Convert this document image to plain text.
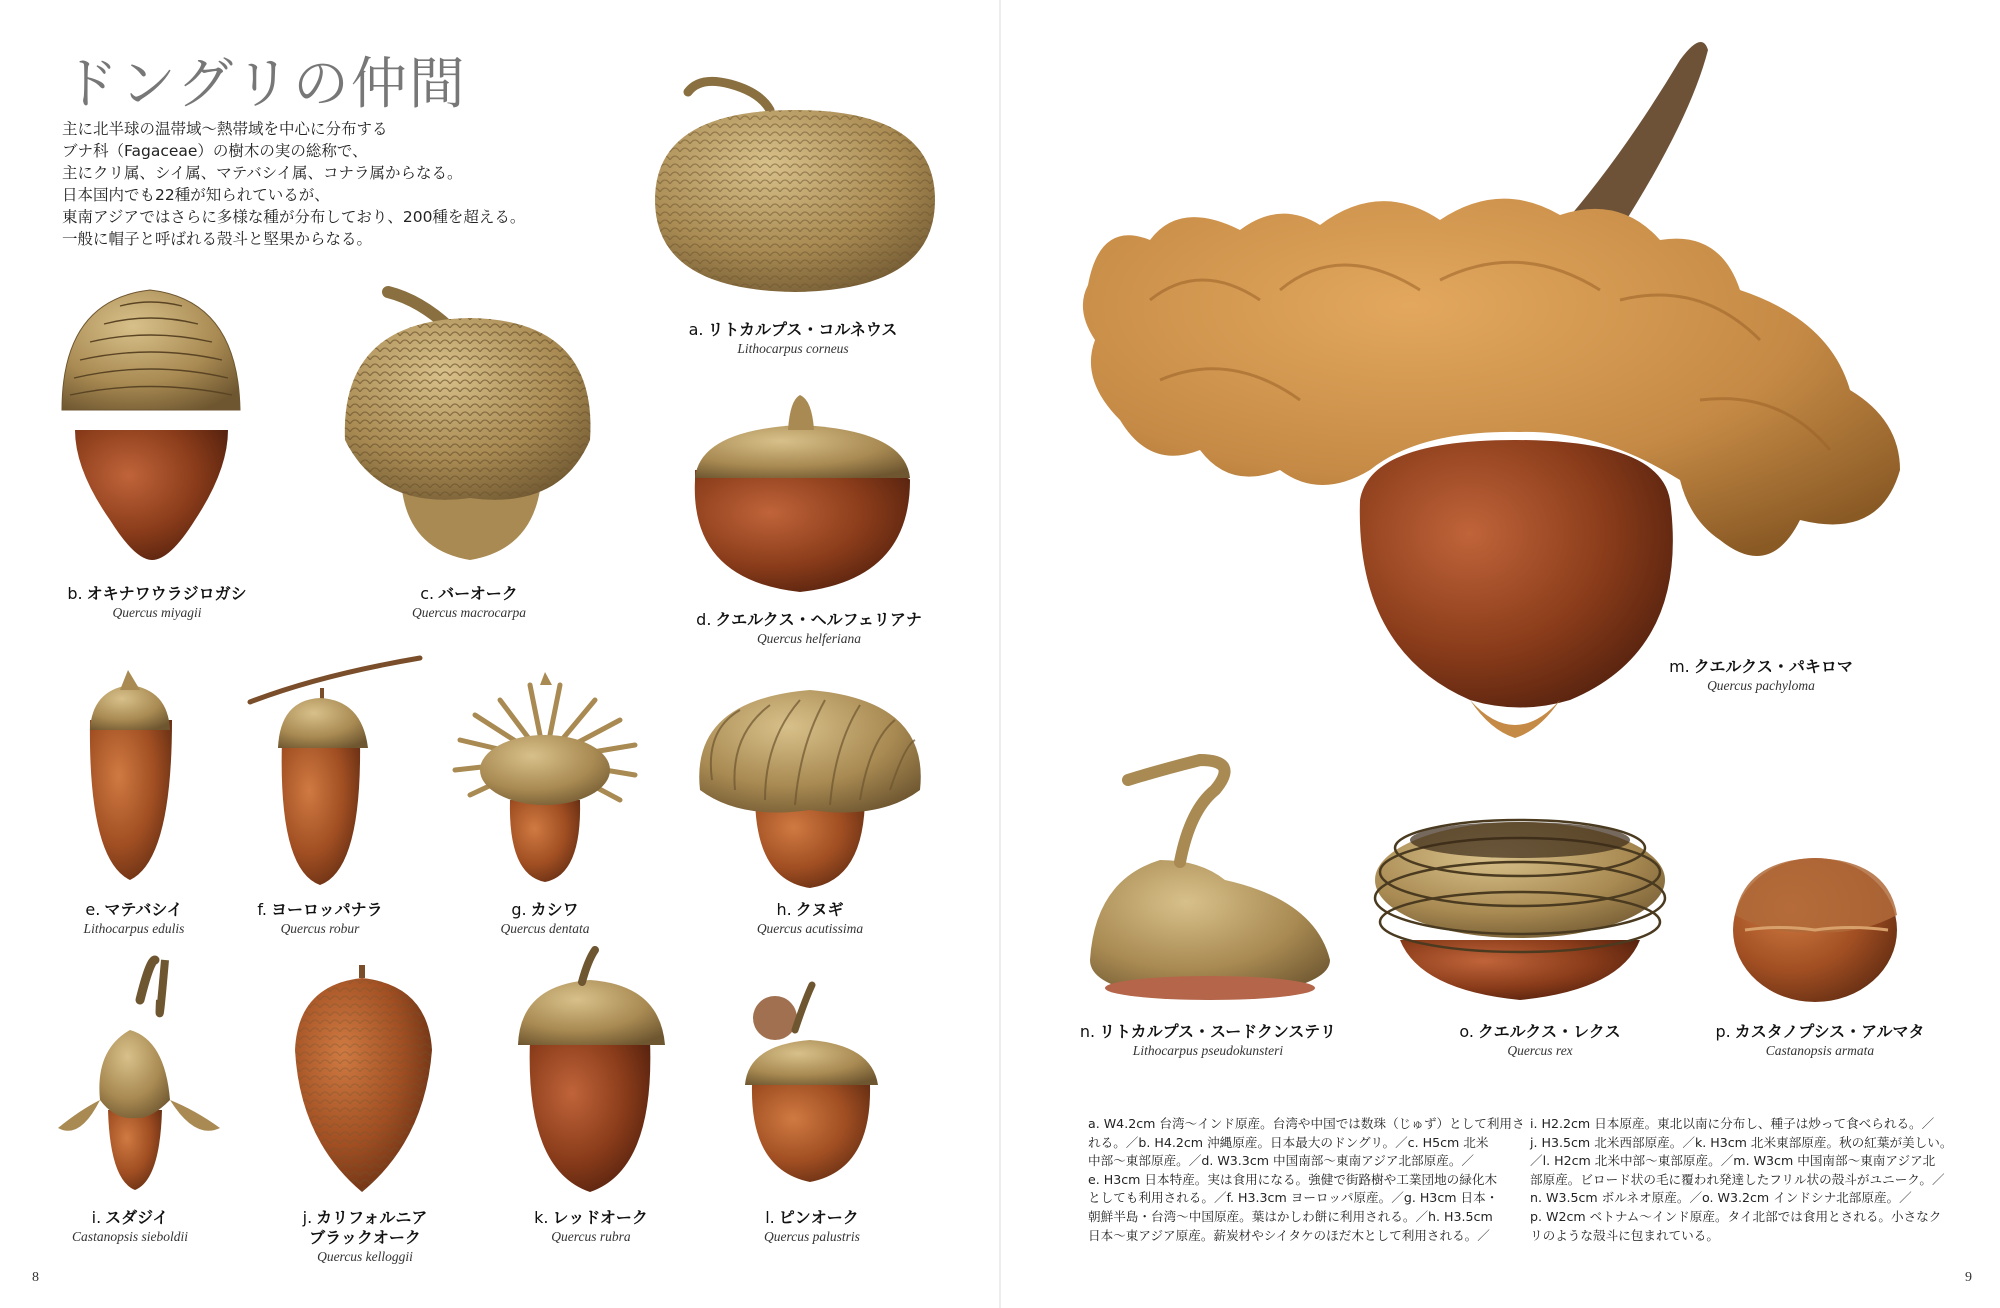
ドングリの仲間

主に北半球の温帯域〜熱帯域を中心に分布する

ブナ科（Fagaceae）の樹木の実の総称で、

主にクリ属、シイ属、マテバシイ属、コナラ属からなる。

日本国内でも22種が知られているが、

東南アジアではさらに多様な種が分布しており、200種を超える。

一般に帽子と呼ばれる殻斗と堅果からなる。

a. リトカルプス・コルネウス
Lithocarpus corneus
b. オキナワウラジロガシ
Quercus miyagii
c. バーオーク
Quercus macrocarpa	d. クエルクス・ヘルフェリアナ
Quercus helferiana
e. マテバシイ
Lithocarpus edulis
f. ヨーロッパナラ
Quercus robur
g. カシワ
Quercus dentata
h. クヌギ
Quercus acutissima
i. スダジイ
Castanopsis sieboldii
j. カリフォルニア
ブラックオーク
Quercus kelloggii
k. レッドオーク
Quercus rubra
l. ピンオーク
Quercus palustris
m. クエルクス・パキロマ
Quercus pachyloma
n. リトカルプス・スードクンステリ
Lithocarpus pseudokunsteri
o. クエルクス・レクス
Quercus rex
p. カスタノプシス・アルマタ
Castanopsis armata

a. W4.2cm 台湾〜インド原産。台湾や中国では数珠（じゅず）として利用さ

れる。／b. H4.2cm 沖縄原産。日本最大のドングリ。／c. H5cm 北米

中部〜東部原産。／d. W3.3cm 中国南部〜東南アジア北部原産。／

e. H3cm 日本特産。実は食用になる。強健で街路樹や工業団地の緑化木

としても利用される。／f. H3.3cm ヨーロッパ原産。／g. H3cm 日本・

朝鮮半島・台湾〜中国原産。葉はかしわ餅に利用される。／h. H3.5cm

日本〜東アジア原産。薪炭材やシイタケのほだ木として利用される。／

i. H2.2cm 日本原産。東北以南に分布し、種子は炒って食べられる。／

j. H3.5cm 北米西部原産。／k. H3cm 北米東部原産。秋の紅葉が美しい。

／l. H2cm 北米中部〜東部原産。／m. W3cm 中国南部〜東南アジア北

部原産。ビロード状の毛に覆われ発達したフリル状の殻斗がユニーク。／

n. W3.5cm ボルネオ原産。／o. W3.2cm インドシナ北部原産。／

p. W2cm ベトナム〜インド原産。タイ北部では食用とされる。小さなク

リのような殻斗に包まれている。

8	9
